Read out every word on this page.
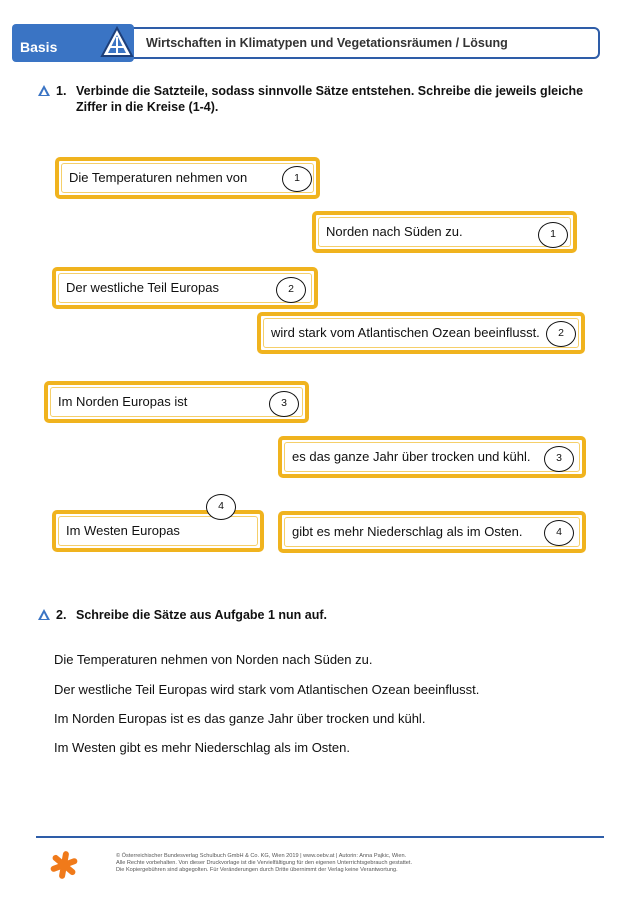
Basis	Wirtschaften in Klimatypen und Vegetationsräumen / Lösung
1. Verbinde die Satzteile, sodass sinnvolle Sätze entstehen. Schreibe die jeweils gleiche
Ziffer in die Kreise (1-4).
Die Temperaturen nehmen von	1
Norden nach Süden zu.	1
Der westliche Teil Europas	2
wird stark vom Atlantischen Ozean beeinflusst.	2
Im Norden Europas ist	3
es das ganze Jahr über trocken und kühl.	3
Im Westen Europas
4
gibt es mehr Niederschlag als im Osten.	4
2. Schreibe die Sätze aus Aufgabe 1 nun auf.
Die Temperaturen nehmen von Norden nach Süden zu.
Der westliche Teil Europas wird stark vom Atlantischen Ozean beeinflusst.
Im Norden Europas ist es das ganze Jahr über trocken und kühl.
Im Westen gibt es mehr Niederschlag als im Osten.
© Österreichischer Bundesverlag Schulbuch GmbH & Co. KG, Wien 2019 | www.oebv.at | Autorin: Anna Pajkic, Wien.
Alle Rechte vorbehalten. Von dieser Druckvorlage ist die Vervielfältigung für den eigenen Unterrichtsgebrauch gestattet.
Die Kopiergebühren sind abgegolten. Für Veränderungen durch Dritte übernimmt der Verlag keine Verantwortung.
